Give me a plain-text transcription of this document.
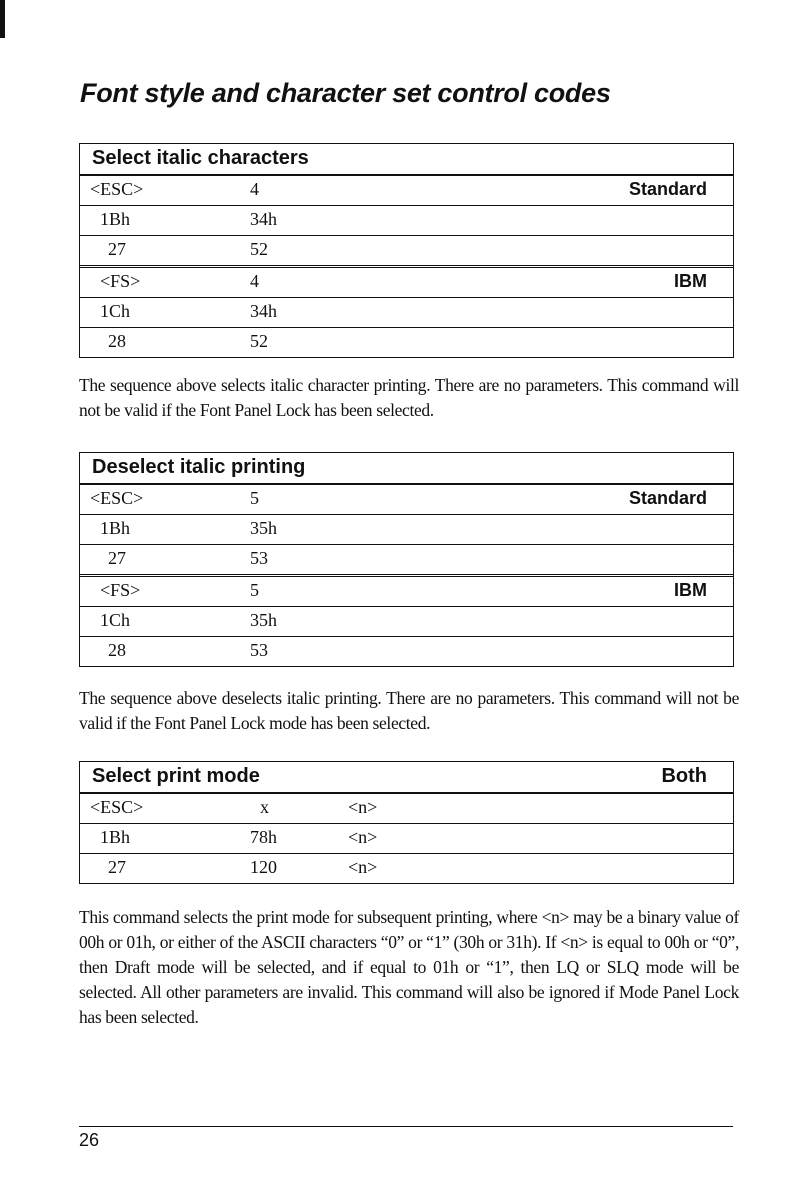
Font style and character set control codes
Select italic characters
<ESC>	4	Standard
1Bh	34h
27	52
<FS>	4	IBM
1Ch	34h
28	52

The sequence above selects italic character printing. There are no parameters. This command will not be valid if the Font Panel Lock has been selected.

Deselect italic printing
<ESC>	5	Standard
1Bh	35h
27	53
<FS>	5	IBM
1Ch	35h
28	53

The sequence above deselects italic printing. There are no parameters. This command will not be valid if the Font Panel Lock mode has been selected.

Select print mode	Both
<ESC>	x	<n>
1Bh	78h	<n>
27	120	<n>

This command selects the print mode for subsequent printing, where <n> may be a binary value of 00h or 01h, or either of the ASCII characters “0” or “1” (30h or 31h). If <n> is equal to 00h or “0”, then Draft mode will be selected, and if equal to 01h or “1”, then LQ or SLQ mode will be selected. All other parameters are invalid. This command will also be ignored if Mode Panel Lock has been selected.

26
